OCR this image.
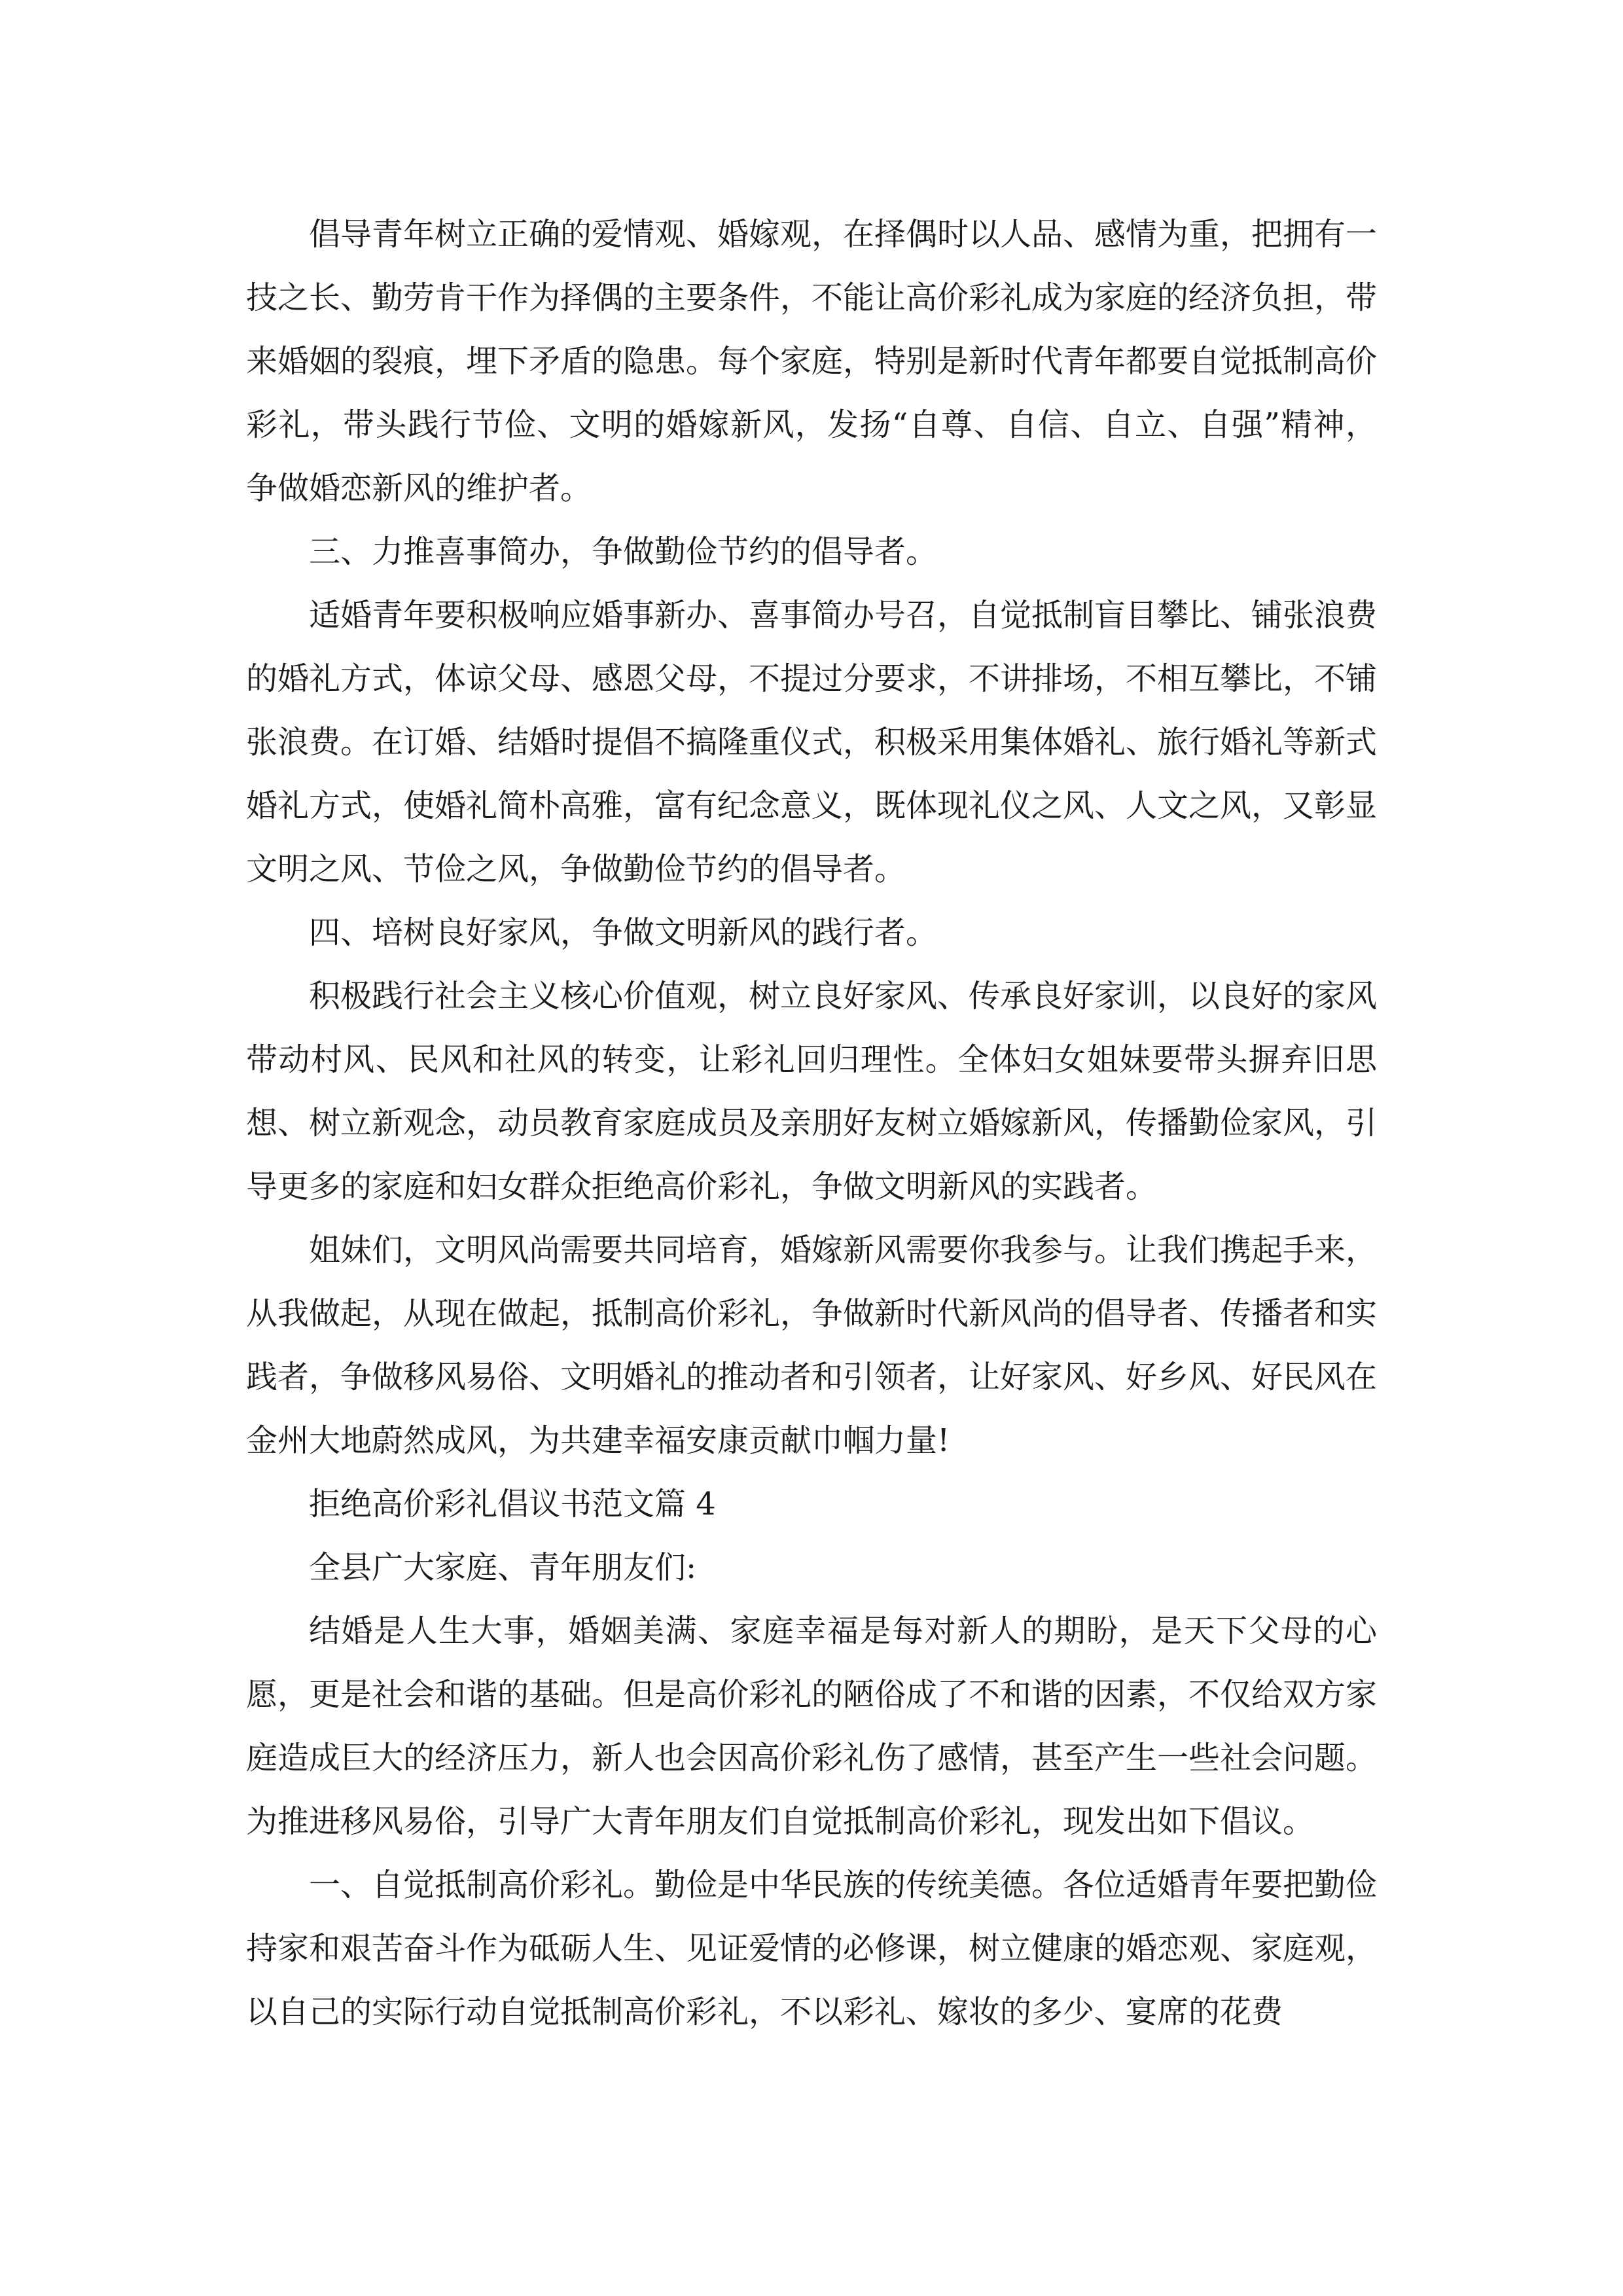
倡导青年树立正确的爱情观、婚嫁观，在择偶时以人品、感情为重，把拥有一技之长、勤劳肯干作为择偶的主要条件，不能让高价彩礼成为家庭的经济负担，带来婚姻的裂痕，埋下矛盾的隐患。每个家庭，特别是新时代青年都要自觉抵制高价彩礼，带头践行节俭、文明的婚嫁新风，发扬“自尊、自信、自立、自强”精神，争做婚恋新风的维护者。

三、力推喜事简办，争做勤俭节约的倡导者。

适婚青年要积极响应婚事新办、喜事简办号召，自觉抵制盲目攀比、铺张浪费的婚礼方式，体谅父母、感恩父母，不提过分要求，不讲排场，不相互攀比，不铺张浪费。在订婚、结婚时提倡不搞隆重仪式，积极采用集体婚礼、旅行婚礼等新式婚礼方式，使婚礼简朴高雅，富有纪念意义，既体现礼仪之风、人文之风，又彰显文明之风、节俭之风，争做勤俭节约的倡导者。

四、培树良好家风，争做文明新风的践行者。

积极践行社会主义核心价值观，树立良好家风、传承良好家训，以良好的家风带动村风、民风和社风的转变，让彩礼回归理性。全体妇女姐妹要带头摒弃旧思想、树立新观念，动员教育家庭成员及亲朋好友树立婚嫁新风，传播勤俭家风，引导更多的家庭和妇女群众拒绝高价彩礼，争做文明新风的实践者。

姐妹们，文明风尚需要共同培育，婚嫁新风需要你我参与。让我们携起手来，从我做起，从现在做起，抵制高价彩礼，争做新时代新风尚的倡导者、传播者和实践者，争做移风易俗、文明婚礼的推动者和引领者，让好家风、好乡风、好民风在金州大地蔚然成风，为共建幸福安康贡献巾帼力量!

拒绝高价彩礼倡议书范文篇 4

全县广大家庭、青年朋友们:

结婚是人生大事，婚姻美满、家庭幸福是每对新人的期盼，是天下父母的心愿，更是社会和谐的基础。但是高价彩礼的陋俗成了不和谐的因素，不仅给双方家庭造成巨大的经济压力，新人也会因高价彩礼伤了感情，甚至产生一些社会问题。为推进移风易俗，引导广大青年朋友们自觉抵制高价彩礼，现发出如下倡议。

一、自觉抵制高价彩礼。勤俭是中华民族的传统美德。各位适婚青年要把勤俭持家和艰苦奋斗作为砥砺人生、见证爱情的必修课，树立健康的婚恋观、家庭观，以自己的实际行动自觉抵制高价彩礼，不以彩礼、嫁妆的多少、宴席的花费
